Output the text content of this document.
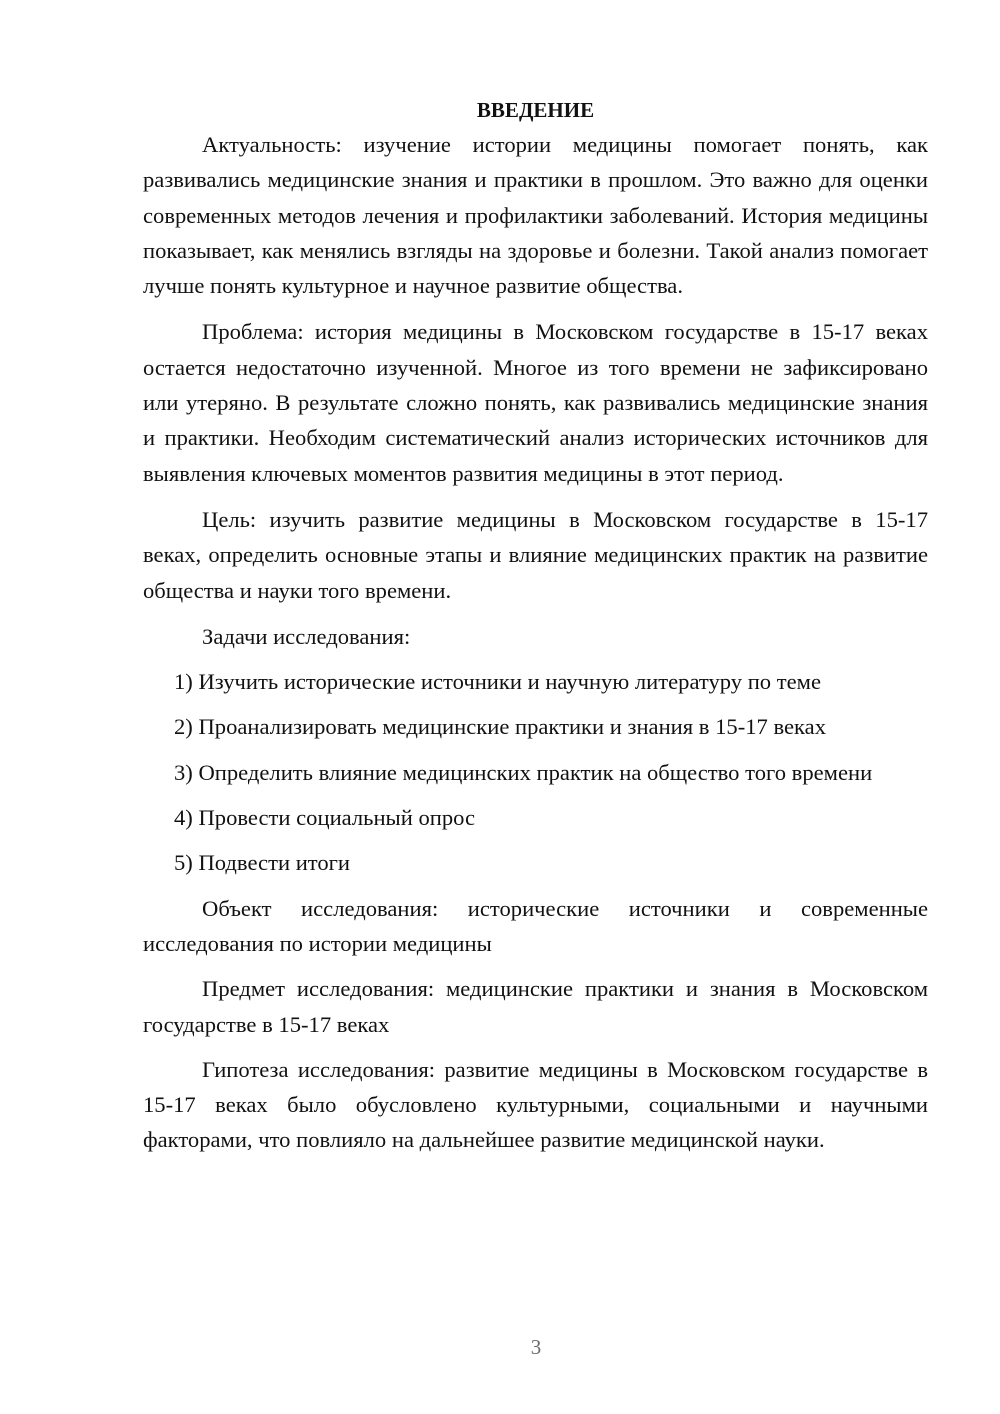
ВВЕДЕНИЕ

Актуальность: изучение истории медицины помогает понять, как развивались медицинские знания и практики в прошлом. Это важно для оценки современных методов лечения и профилактики заболеваний. История медицины показывает, как менялись взгляды на здоровье и болезни. Такой анализ помогает лучше понять культурное и научное развитие общества.

Проблема: история медицины в Московском государстве в 15-17 веках остается недостаточно изученной. Многое из того времени не зафиксировано или утеряно. В результате сложно понять, как развивались медицинские знания и практики. Необходим систематический анализ исторических источников для выявления ключевых моментов развития медицины в этот период.

Цель: изучить развитие медицины в Московском государстве в 15-17 веках, определить основные этапы и влияние медицинских практик на развитие общества и науки того времени.

Задачи исследования:

1) Изучить исторические источники и научную литературу по теме

2) Проанализировать медицинские практики и знания в 15-17 веках

3) Определить влияние медицинских практик на общество того времени

4) Провести социальный опрос

5) Подвести итоги

Объект исследования: исторические источники и современные исследования по истории медицины

Предмет исследования: медицинские практики и знания в Московском государстве в 15-17 веках

Гипотеза исследования: развитие медицины в Московском государстве в 15-17 веках было обусловлено культурными, социальными и научными факторами, что повлияло на дальнейшее развитие медицинской науки.

3
